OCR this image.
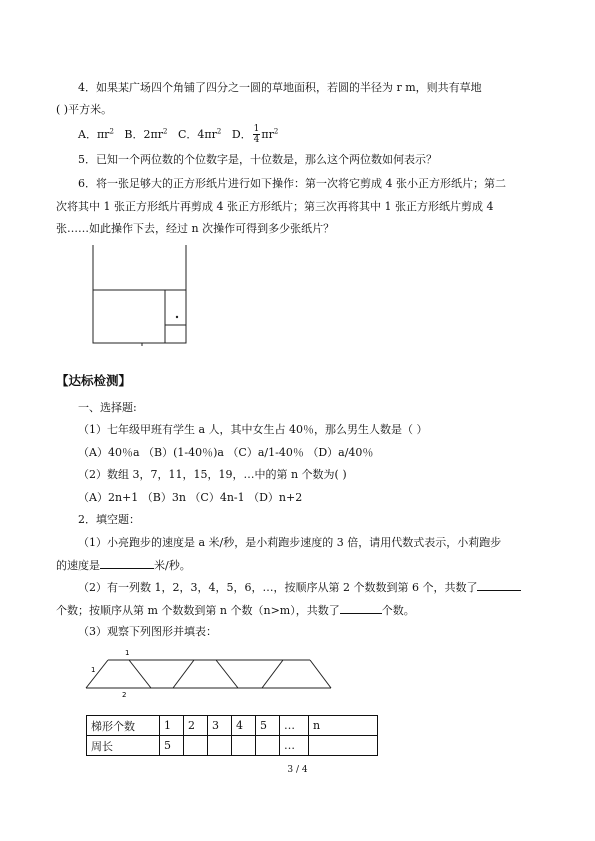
4．如果某广场四个角铺了四分之一圆的草地面积，若圆的半径为 r m，则共有草地
( )平方米。
A．$\pi r^2$ B．$2\pi r^2$ C．$4\pi r^2$ D． $\frac{1}{4} \pi r^2$
5．已知一个两位数的个位数字是，十位数是，那么这个两位数如何表示？
6．将一张足够大的正方形纸片进行如下操作：第一次将它剪成 4 张小正方形纸片；第二
次将其中 1 张正方形纸片再剪成 4 张正方形纸片；第三次再将其中 1 张正方形纸片剪成 4
张……如此操作下去，经过 n 次操作可得到多少张纸片？
1
1
2
【达标检测】
一、选择题:
（1）七年级甲班有学生 a 人，其中女生占 40％，那么男生人数是（ ）
（A）40％a （B）(1-40％)a （C）a/1-40％ （D）a/40％
（2）数组 3，7，11，15，19，…中的第 n 个数为( )
（A）2n+1 （B）3n （C）4n-1 （D）n+2
2．填空题：
（1）小亮跑步的速度是 a 米/秒，是小莉跑步速度的 3 倍，请用代数式表示，小莉跑步
的速度是	米/秒。
（2）有一列数 1，2，3，4，5，6，…，按顺序从第 2 个数数到第 6 个，共数了
个数；按顺序从第 m 个数数到第 n 个数（n>m），共数了	个数。
（3）观察下列图形并填表：
梯形个数	1	2	3	4	5	…	n
周长	5					…	
3 / 4
